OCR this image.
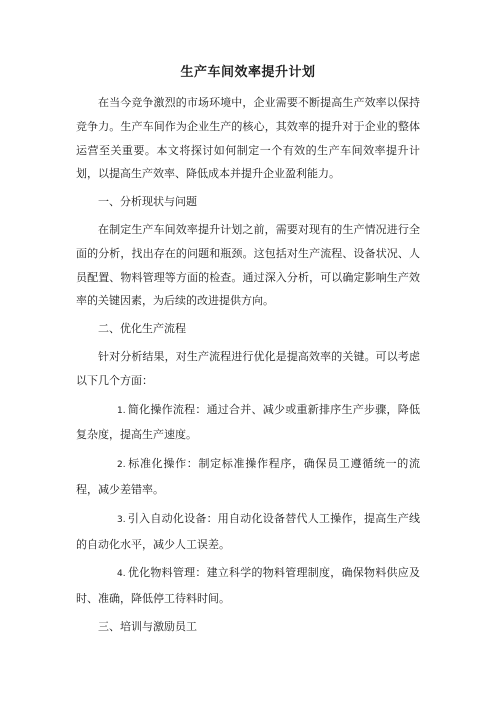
生产车间效率提升计划

在当今竞争激烈的市场环境中，企业需要不断提高生产效率以保持竞争力。生产车间作为企业生产的核心，其效率的提升对于企业的整体运营至关重要。本文将探讨如何制定一个有效的生产车间效率提升计划，以提高生产效率、降低成本并提升企业盈利能力。

一、分析现状与问题

在制定生产车间效率提升计划之前，需要对现有的生产情况进行全面的分析，找出存在的问题和瓶颈。这包括对生产流程、设备状况、人员配置、物料管理等方面的检查。通过深入分析，可以确定影响生产效率的关键因素，为后续的改进提供方向。

二、优化生产流程

针对分析结果，对生产流程进行优化是提高效率的关键。可以考虑以下几个方面：

1. 简化操作流程：通过合并、减少或重新排序生产步骤，降低复杂度，提高生产速度。

2. 标准化操作：制定标准操作程序，确保员工遵循统一的流程，减少差错率。

3. 引入自动化设备：用自动化设备替代人工操作，提高生产线的自动化水平，减少人工误差。

4. 优化物料管理：建立科学的物料管理制度，确保物料供应及时、准确，降低停工待料时间。

三、培训与激励员工
